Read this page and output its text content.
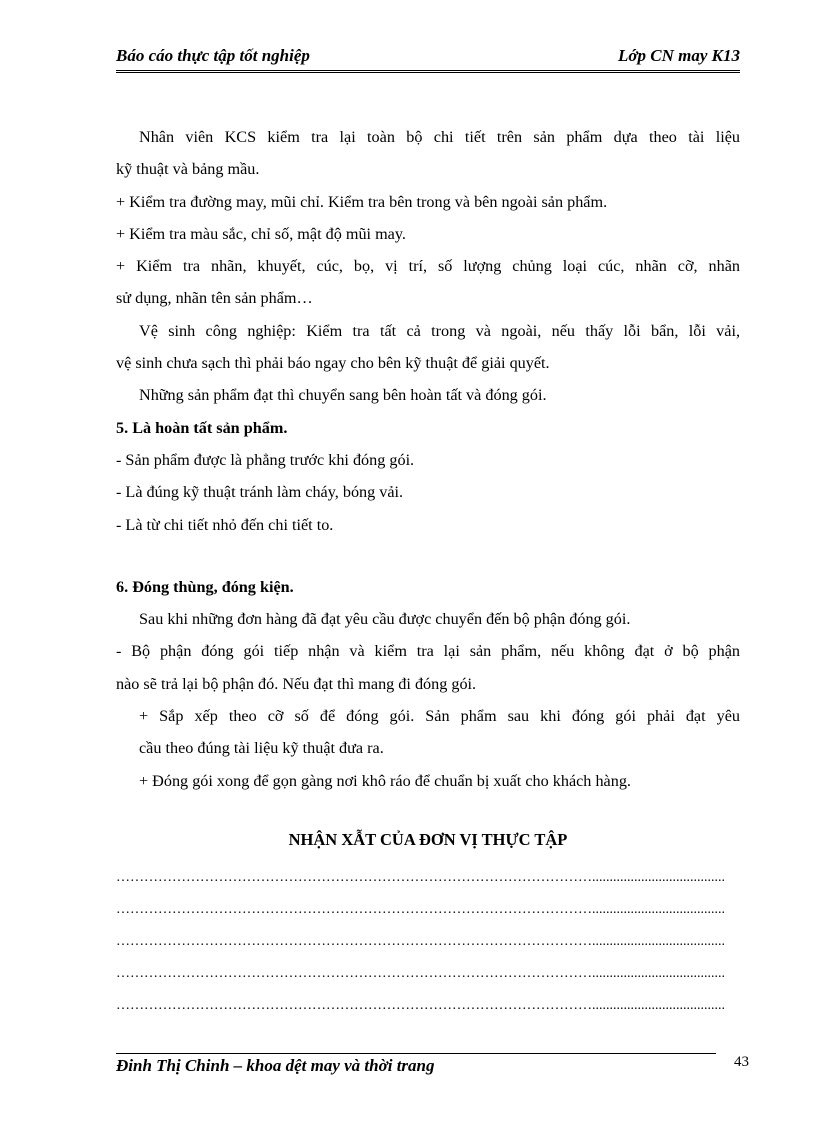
Báo cáo thực tập tốt nghiệp	Lớp CN may K13

Nhân viên KCS kiểm tra lại toàn bộ chi tiết trên sản phẩm dựa theo tài liệu

kỹ thuật và bảng mầu.

+ Kiểm tra đường may, mũi chỉ. Kiểm tra bên trong và bên ngoài sản phẩm.

+ Kiểm tra màu sắc, chỉ số, mật độ mũi may.

+ Kiểm tra nhãn, khuyết, cúc, bọ, vị trí, số lượng chủng loại cúc, nhãn cỡ, nhãn

sử dụng, nhãn tên sản phẩm…

Vệ sinh công nghiệp: Kiểm tra tất cả trong và ngoài, nếu thấy lỗi bẩn, lỗi vải,

vệ sinh chưa sạch thì phải báo ngay cho bên kỹ thuật để giải quyết.

Những sản phẩm đạt thì chuyển sang bên hoàn tất và đóng gói.

5. Là hoàn tất sản phẩm.

- Sản phẩm được là phẳng trước khi đóng gói.

- Là đúng kỹ thuật tránh làm cháy, bóng vải.

- Là từ chi tiết nhỏ đến chi tiết to.

6. Đóng thùng, đóng kiện.

Sau khi những đơn hàng đã đạt yêu cầu được chuyển đến bộ phận đóng gói.

- Bộ phận đóng gói tiếp nhận và kiểm tra lại sản phẩm, nếu không đạt ở bộ phận

nào sẽ trả lại bộ phận đó. Nếu đạt thì mang đi đóng gói.

+ Sắp xếp theo cỡ số để đóng gói. Sản phẩm sau khi đóng gói phải đạt yêu

cầu theo đúng tài liệu kỹ thuật đưa ra.

+ Đóng gói xong để gọn gàng nơi khô ráo để chuẩn bị xuất cho khách hàng.

NHẬN XẪT CỦA ĐƠN VỊ THỰC TẬP
…………………………………………………………………………………………......................................
…………………………………………………………………………………………......................................
…………………………………………………………………………………………......................................
…………………………………………………………………………………………......................................
…………………………………………………………………………………………......................................
Đinh Thị Chinh – khoa dệt may và thời trang	43
